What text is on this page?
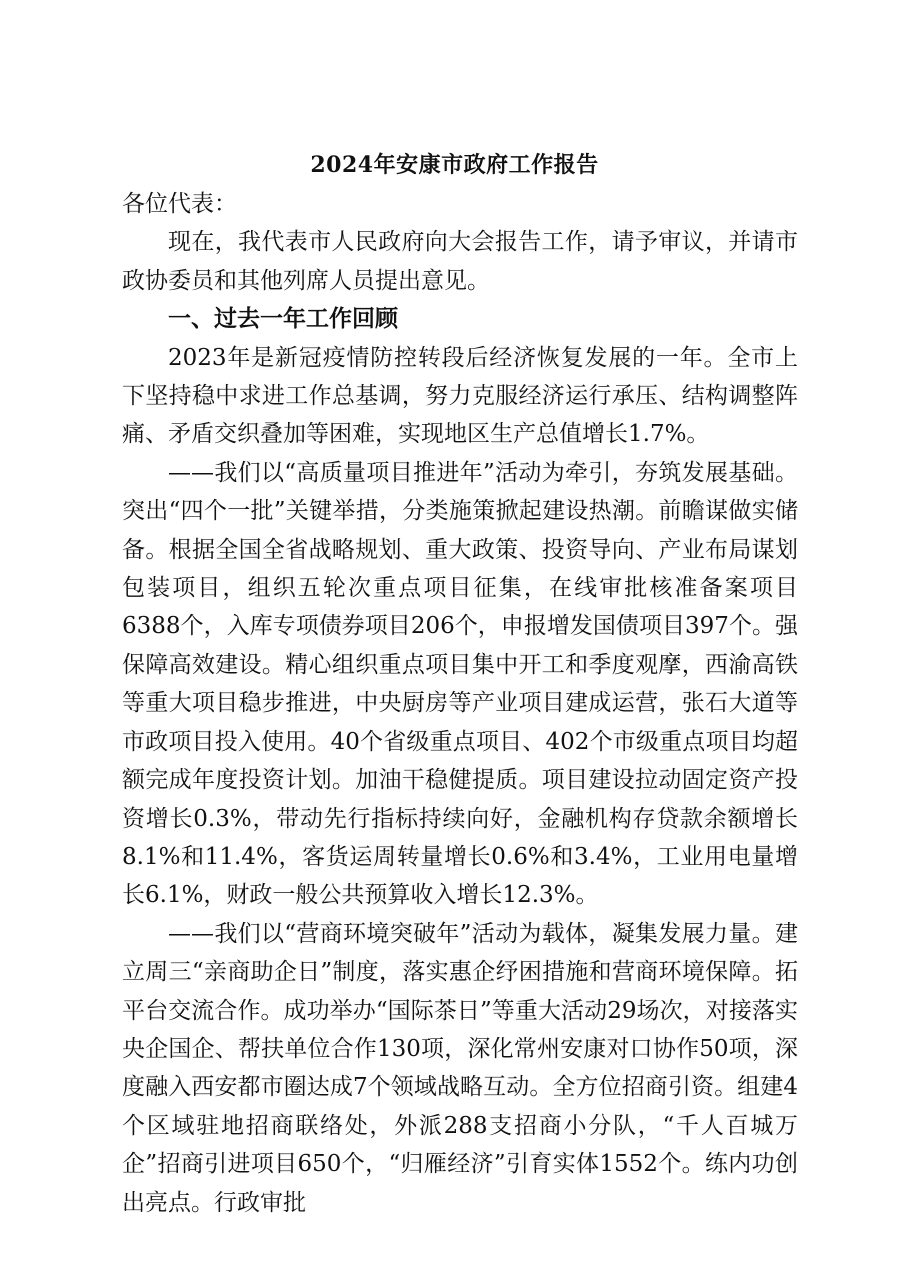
2024年安康市政府工作报告

各位代表：

现在，我代表市人民政府向大会报告工作，请予审议，并请市政协委员和其他列席人员提出意见。

一、过去一年工作回顾

2023年是新冠疫情防控转段后经济恢复发展的一年。全市上下坚持稳中求进工作总基调，努力克服经济运行承压、结构调整阵痛、矛盾交织叠加等困难，实现地区生产总值增长1.7%。

——我们以“高质量项目推进年”活动为牵引，夯筑发展基础。突出“四个一批”关键举措，分类施策掀起建设热潮。前瞻谋做实储备。根据全国全省战略规划、重大政策、投资导向、产业布局谋划包装项目，组织五轮次重点项目征集，在线审批核准备案项目6388个，入库专项债券项目206个，申报增发国债项目397个。强保障高效建设。精心组织重点项目集中开工和季度观摩，西渝高铁等重大项目稳步推进，中央厨房等产业项目建成运营，张石大道等市政项目投入使用。40个省级重点项目、402个市级重点项目均超额完成年度投资计划。加油干稳健提质。项目建设拉动固定资产投资增长0.3%，带动先行指标持续向好，金融机构存贷款余额增长8.1%和11.4%，客货运周转量增长0.6%和3.4%，工业用电量增长6.1%，财政一般公共预算收入增长12.3%。

——我们以“营商环境突破年”活动为载体，凝集发展力量。建立周三“亲商助企日”制度，落实惠企纾困措施和营商环境保障。拓平台交流合作。成功举办“国际茶日”等重大活动29场次，对接落实央企国企、帮扶单位合作130项，深化常州安康对口协作50项，深度融入西安都市圈达成7个领域战略互动。全方位招商引资。组建4个区域驻地招商联络处，外派288支招商小分队，“千人百城万企”招商引进项目650个，“归雁经济”引育实体1552个。练内功创出亮点。行政审批
